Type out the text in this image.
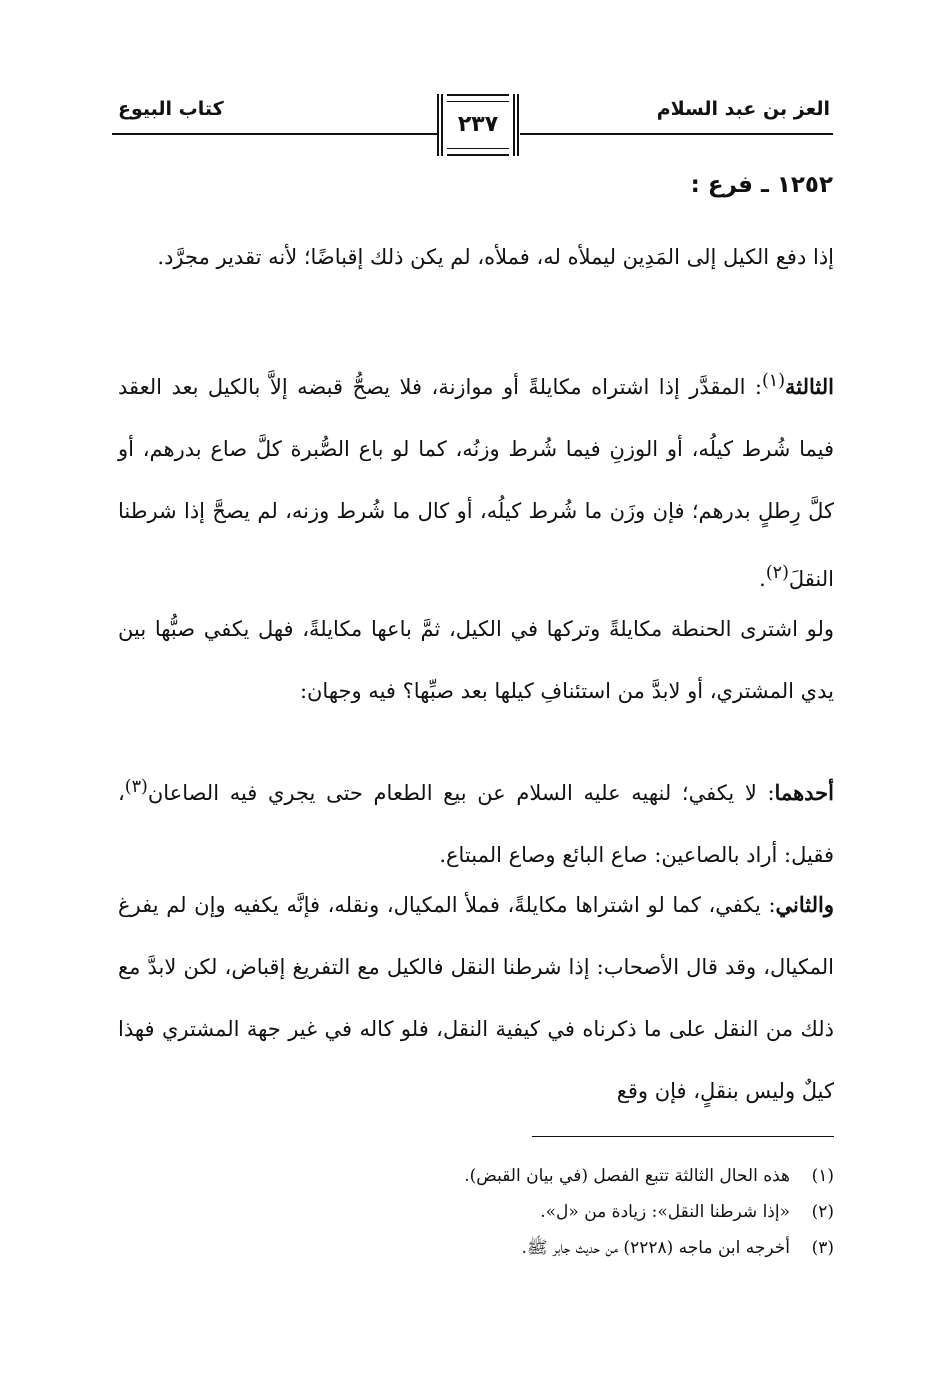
العز بن عبد السلام
كتاب البيوع
٢٣٧
١٢٥٢ ـ فرع :
إذا دفع الكيل إلى المَدِين ليملأه له، فملأه، لم يكن ذلك إقباضًا؛ لأنه تقدير مجرَّد.
الثالثة$^{(١)}$: المقدَّر إذا اشتراه مكايلةً أو موازنة، فلا يصحُّ قبضه إلاَّ بالكيل بعد العقد فيما شُرط كيلُه، أو الوزنِ فيما شُرط وزنُه، كما لو باع الصُّبرة كلَّ صاع بدرهم، أو كلَّ رِطلٍ بدرهم؛ فإن وزَن ما شُرط كيلُه، أو كال ما شُرط وزنه، لم يصحَّ إذا شرطنا النقلَ$^{(٢)}$.
ولو اشترى الحنطة مكايلةً وتركها في الكيل، ثمَّ باعها مكايلةً، فهل يكفي صبُّها بين يدي المشتري، أو لابدَّ من استئنافِ كيلها بعد صبِّها؟ فيه وجهان:
أحدهما: لا يكفي؛ لنهيه عليه السلام عن بيع الطعام حتى يجري فيه الصاعان$^{(٣)}$، فقيل: أراد بالصاعين: صاع البائع وصاع المبتاع.
والثاني: يكفي، كما لو اشتراها مكايلةً، فملأ المكيال، ونقله، فإنَّه يكفيه وإن لم يفرغ المكيال، وقد قال الأصحاب: إذا شرطنا النقل فالكيل مع التفريغ إقباض، لكن لابدَّ مع ذلك من النقل على ما ذكرناه في كيفية النقل، فلو كاله في غير جهة المشتري فهذا كيلٌ وليس بنقلٍ، فإن وقع
(١)هذه الحال الثالثة تتبع الفصل (في بيان القبض).
(٢)«إذا شرطنا النقل»: زيادة من «ل».
(٣)أخرجه ابن ماجه (٢٢٢٨) من حديث جابر ﷺ.
